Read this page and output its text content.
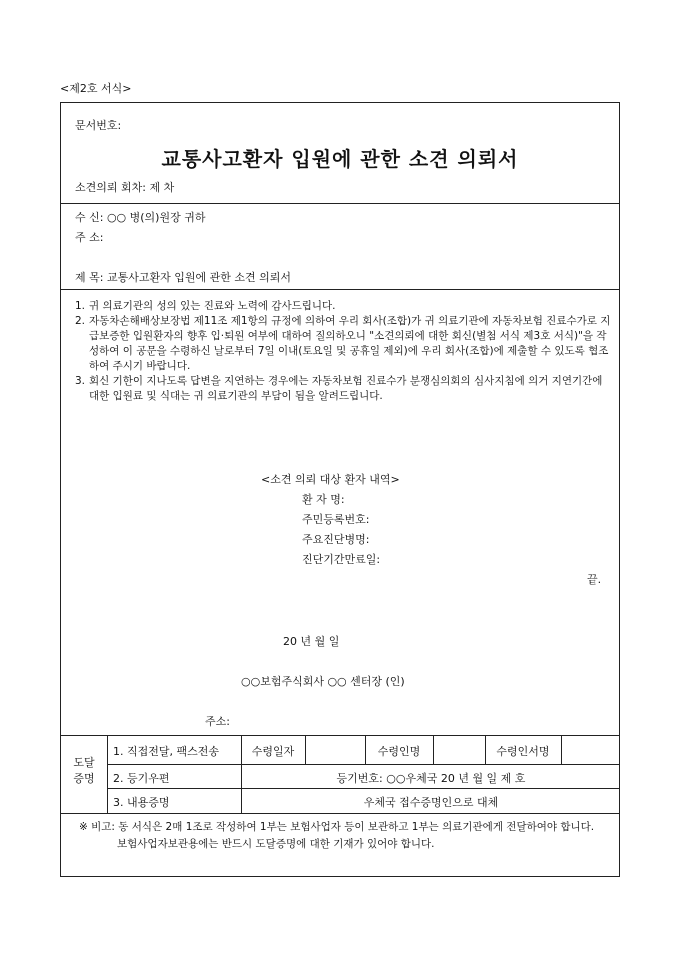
<제2호 서식>
문서번호:
교통사고환자 입원에 관한 소견 의뢰서
소견의뢰 회차: 제 차
수 신: ○○ 병(의)원장 귀하
주 소:
제 목: 교통사고환자 입원에 관한 소견 의뢰서

1. 귀 의료기관의 성의 있는 진료와 노력에 감사드립니다.

2. 자동차손해배상보장법 제11조 제1항의 규정에 의하여 우리 회사(조합)가 귀 의료기관에 자동차보험 진료수가로 지급보증한 입원환자의 향후 입·퇴원 여부에 대하여 질의하오니 "소견의뢰에 대한 회신(별첨 서식 제3호 서식)"을 작성하여 이 공문을 수령하신 날로부터 7일 이내(토요일 및 공휴일 제외)에 우리 회사(조합)에 제출할 수 있도록 협조하여 주시기 바랍니다.

3. 회신 기한이 지나도록 답변을 지연하는 경우에는 자동차보험 진료수가 분쟁심의회의 심사지침에 의거 지연기간에 대한 입원료 및 식대는 귀 의료기관의 부담이 됨을 알려드립니다.

<소견 의뢰 대상 환자 내역>
환 자 명:
주민등록번호:
주요진단병명:
진단기간만료일:
끝.
20 년 월 일
○○보험주식회사 ○○ 센터장 (인)
주소:
도달
증명
1. 직접전달, 팩스전송	수령일자	수령인명	수령인서명
2. 등기우편	등기번호: ○○우체국 20 년 월 일 제 호
3. 내용증명	우체국 접수증명인으로 대체
※ 비고: 동 서식은 2매 1조로 작성하여 1부는 보험사업자 등이 보관하고 1부는 의료기관에게 전달하여야 합니다. 보험사업자보관용에는 반드시 도달증명에 대한 기재가 있어야 합니다.
